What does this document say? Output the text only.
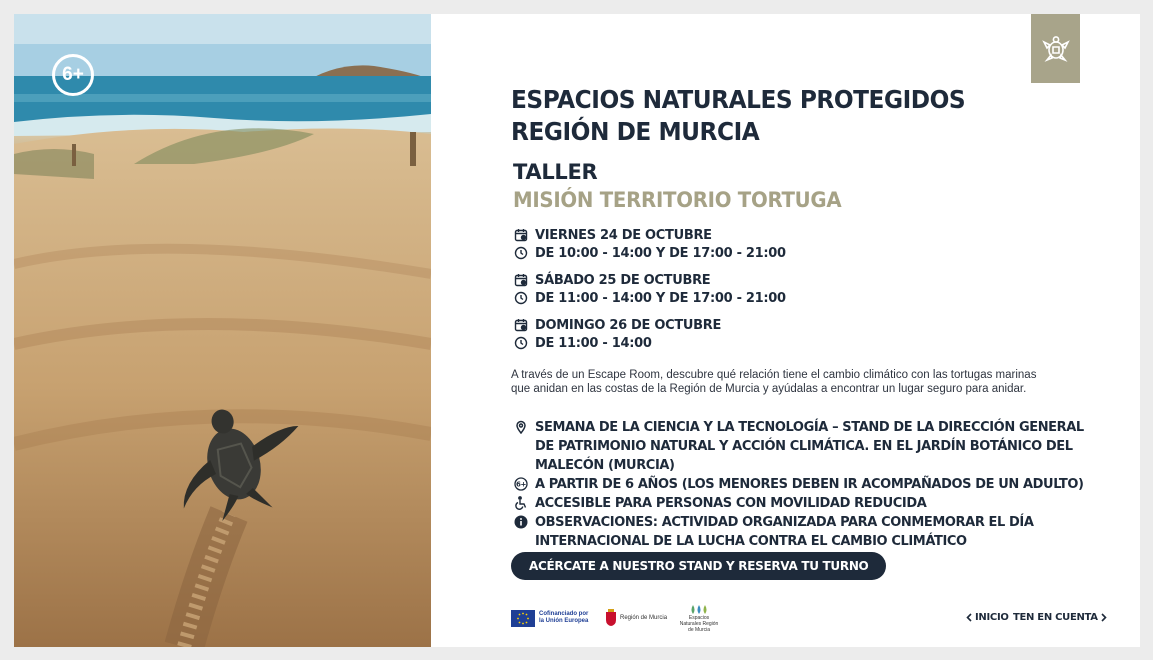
6+
ESPACIOS NATURALES PROTEGIDOS
REGIÓN DE MURCIA
TALLER
MISIÓN TERRITORIO TORTUGA
VIERNES 24 DE OCTUBRE
DE 10:00 - 14:00 Y DE 17:00 - 21:00
SÁBADO 25 DE OCTUBRE
DE 11:00 - 14:00 Y DE 17:00 - 21:00
DOMINGO 26 DE OCTUBRE
DE 11:00 - 14:00
A través de un Escape Room, descubre qué relación tiene el cambio climático con las tortugas marinas que anidan en las costas de la Región de Murcia y ayúdalas a encontrar un lugar seguro para anidar.
SEMANA DE LA CIENCIA Y LA TECNOLOGÍA – STAND DE LA DIRECCIÓN GENERAL DE PATRIMONIO NATURAL Y ACCIÓN CLIMÁTICA. EN EL JARDÍN BOTÁNICO DEL MALECÓN (MURCIA)
6+ A PARTIR DE 6 AÑOS (LOS MENORES DEBEN IR ACOMPAÑADOS DE UN ADULTO)
ACCESIBLE PARA PERSONAS CON MOVILIDAD REDUCIDA
OBSERVACIONES: ACTIVIDAD ORGANIZADA PARA CONMEMORAR EL DÍA INTERNACIONAL DE LA LUCHA CONTRA EL CAMBIO CLIMÁTICO
ACÉRCATE A NUESTRO STAND Y RESERVA TU TURNO
Cofinanciado por la Unión Europea	Región de Murcia	Espacios Naturales Región de Murcia
INICIO TEN EN CUENTA
